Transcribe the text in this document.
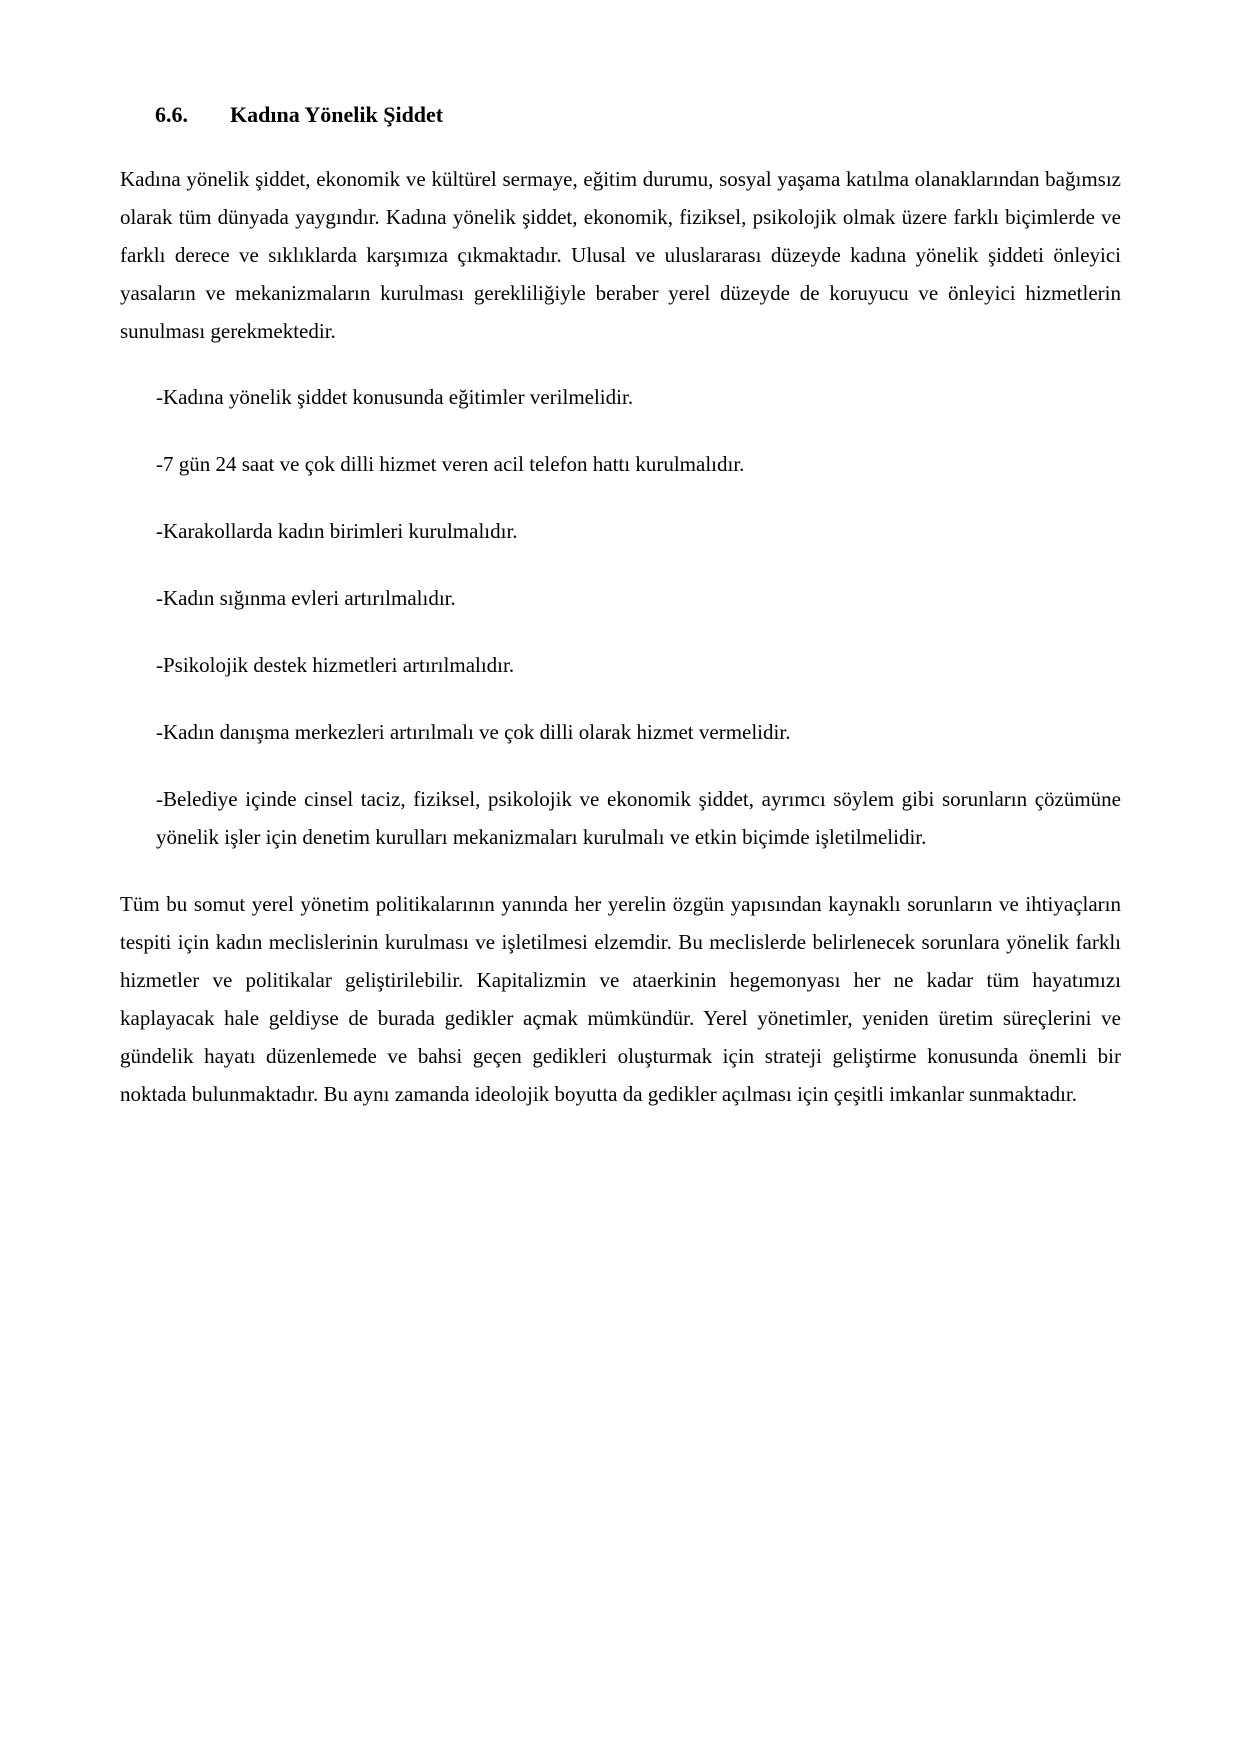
6.6. Kadına Yönelik Şiddet

Kadına yönelik şiddet, ekonomik ve kültürel sermaye, eğitim durumu, sosyal yaşama katılma olanaklarından bağımsız olarak tüm dünyada yaygındır. Kadına yönelik şiddet, ekonomik, fiziksel, psikolojik olmak üzere farklı biçimlerde ve farklı derece ve sıklıklarda karşımıza çıkmaktadır. Ulusal ve uluslararası düzeyde kadına yönelik şiddeti önleyici yasaların ve mekanizmaların kurulması gerekliliğiyle beraber yerel düzeyde de koruyucu ve önleyici hizmetlerin sunulması gerekmektedir.

-Kadına yönelik şiddet konusunda eğitimler verilmelidir.

-7 gün 24 saat ve çok dilli hizmet veren acil telefon hattı kurulmalıdır.

-Karakollarda kadın birimleri kurulmalıdır.

-Kadın sığınma evleri artırılmalıdır.

-Psikolojik destek hizmetleri artırılmalıdır.

-Kadın danışma merkezleri artırılmalı ve çok dilli olarak hizmet vermelidir.

-Belediye içinde cinsel taciz, fiziksel, psikolojik ve ekonomik şiddet, ayrımcı söylem gibi sorunların çözümüne yönelik işler için denetim kurulları mekanizmaları kurulmalı ve etkin biçimde işletilmelidir.

Tüm bu somut yerel yönetim politikalarının yanında her yerelin özgün yapısından kaynaklı sorunların ve ihtiyaçların tespiti için kadın meclislerinin kurulması ve işletilmesi elzemdir. Bu meclislerde belirlenecek sorunlara yönelik farklı hizmetler ve politikalar geliştirilebilir. Kapitalizmin ve ataerkinin hegemonyası her ne kadar tüm hayatımızı kaplayacak hale geldiyse de burada gedikler açmak mümkündür. Yerel yönetimler, yeniden üretim süreçlerini ve gündelik hayatı düzenlemede ve bahsi geçen gedikleri oluşturmak için strateji geliştirme konusunda önemli bir noktada bulunmaktadır. Bu aynı zamanda ideolojik boyutta da gedikler açılması için çeşitli imkanlar sunmaktadır.
